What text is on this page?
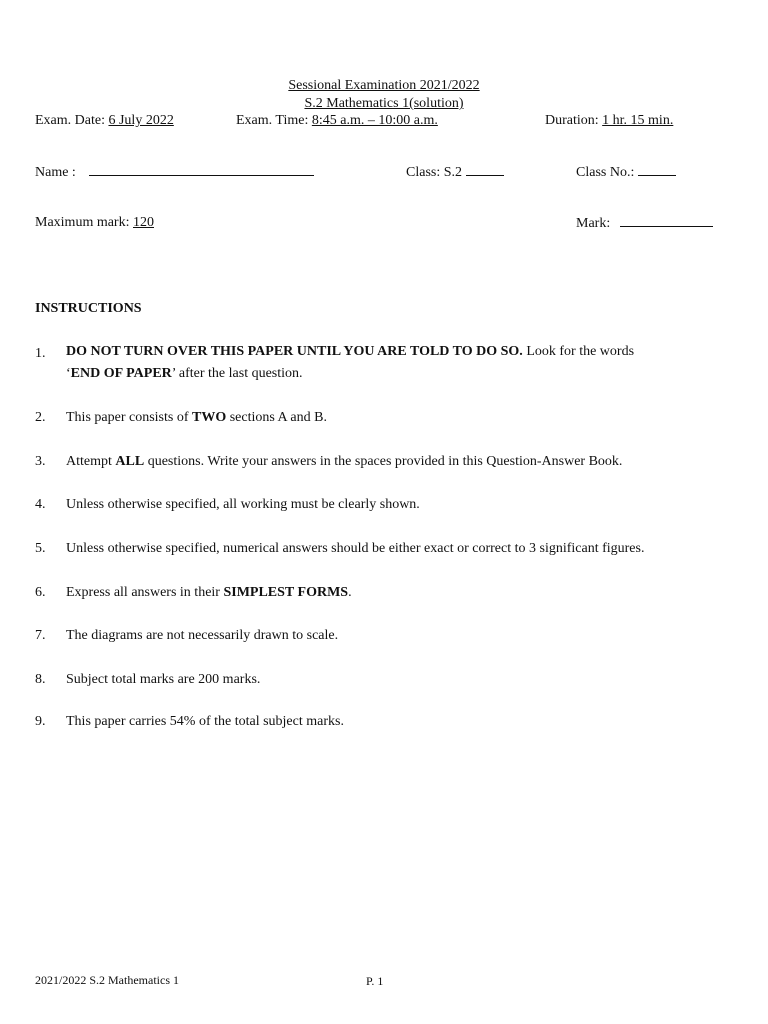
Sessional Examination 2021/2022
S.2 Mathematics 1(solution)
Exam. Date: 6 July 2022	Exam. Time: 8:45 a.m. – 10:00 a.m.	Duration: 1 hr. 15 min.
Name :	Class: S.2	Class No.:
Maximum mark: 120	Mark:
INSTRUCTIONS
1. DO NOT TURN OVER THIS PAPER UNTIL YOU ARE TOLD TO DO SO. Look for the words
‘END OF PAPER’ after the last question.
2. This paper consists of TWO sections A and B.
3. Attempt ALL questions. Write your answers in the spaces provided in this Question-Answer Book.
4. Unless otherwise specified, all working must be clearly shown.
5. Unless otherwise specified, numerical answers should be either exact or correct to 3 significant figures.
6. Express all answers in their SIMPLEST FORMS.
7. The diagrams are not necessarily drawn to scale.
8. Subject total marks are 200 marks.
9. This paper carries 54% of the total subject marks.
2021/2022 S.2 Mathematics 1	P. 1
